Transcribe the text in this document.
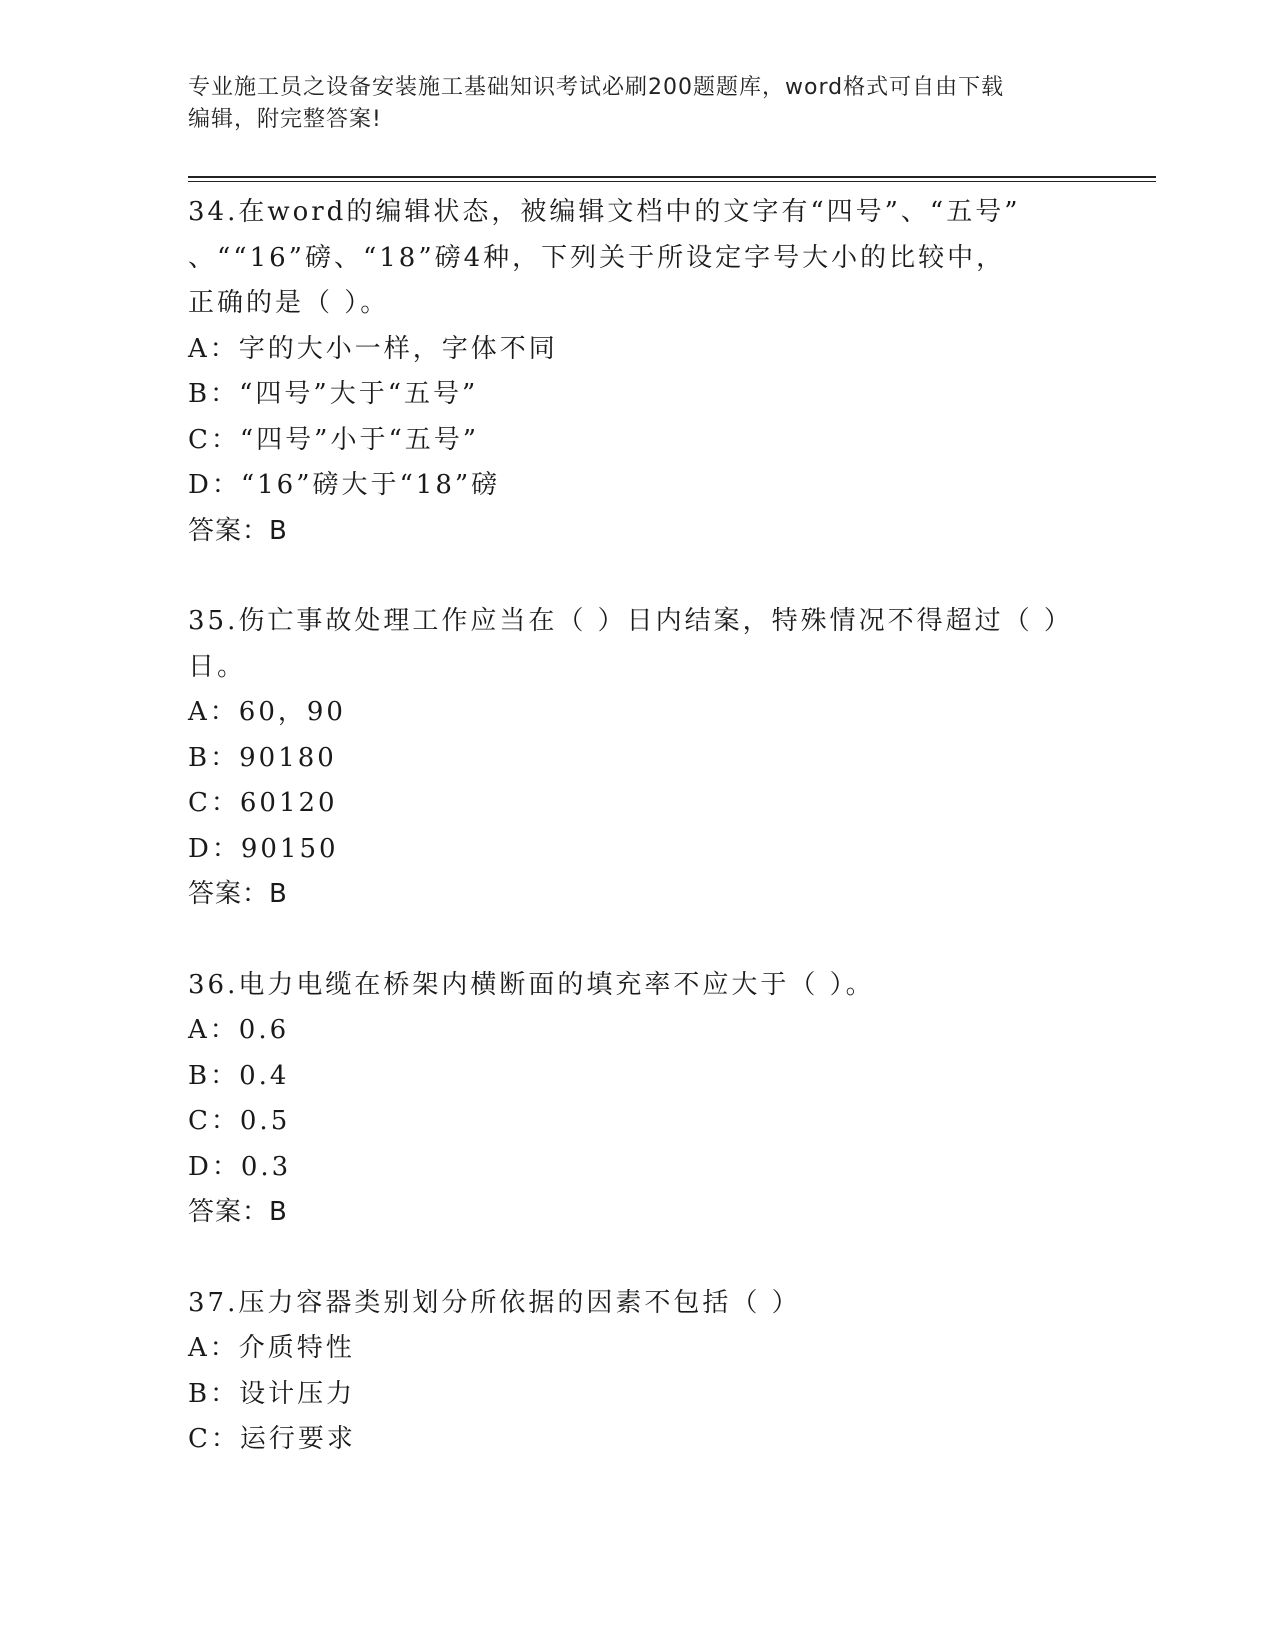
专业施工员之设备安装施工基础知识考试必刷200题题库，word格式可自由下载
编辑，附完整答案!
34.在word的编辑状态，被编辑文档中的文字有“四号”、“五号”
、““16”磅、“18”磅4种，下列关于所设定字号大小的比较中，
正确的是（ ）。
A：字的大小一样，字体不同
B：“四号”大于“五号”
C：“四号”小于“五号”
D：“16”磅大于“18”磅
答案：B
35.伤亡事故处理工作应当在（ ）日内结案，特殊情况不得超过（ ）
日。
A：60，90
B：90180
C：60120
D：90150
答案：B
36.电力电缆在桥架内横断面的填充率不应大于（ ）。
A：0.6
B：0.4
C：0.5
D：0.3
答案：B
37.压力容器类别划分所依据的因素不包括（ ）
A：介质特性
B：设计压力
C：运行要求
